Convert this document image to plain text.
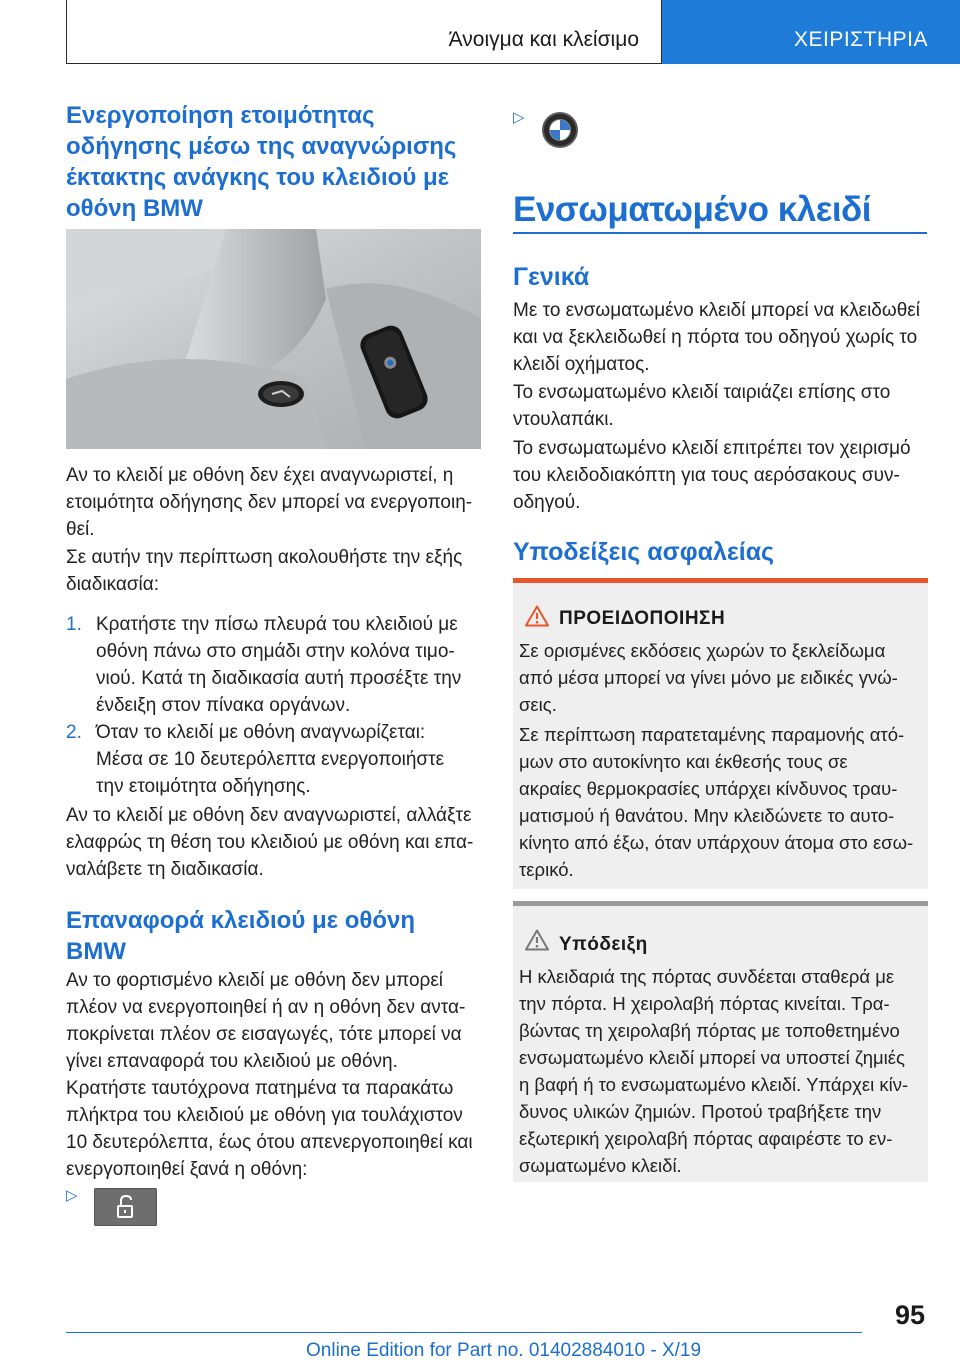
Άνοιγμα και κλείσιμο	ΧΕΙΡΙΣΤΗΡΙΑ
Ενεργοποίηση ετοιμότητας
οδήγησης μέσω της αναγνώρισης
έκτακτης ανάγκης του κλειδιού με
οθόνη BMW

Αν το κλειδί με οθόνη δεν έχει αναγνωριστεί, η
ετοιμότητα οδήγησης δεν μπορεί να ενεργοποιη‐
θεί.

Σε αυτήν την περίπτωση ακολουθήστε την εξής
διαδικασία:

1. Κρατήστε την πίσω πλευρά του κλειδιού με
οθόνη πάνω στο σημάδι στην κολόνα τιμο‐
νιού. Κατά τη διαδικασία αυτή προσέξτε την
ένδειξη στον πίνακα οργάνων.
2. Όταν το κλειδί με οθόνη αναγνωρίζεται:

Μέσα σε 10 δευτερόλεπτα ενεργοποιήστε
την ετοιμότητα οδήγησης.

Αν το κλειδί με οθόνη δεν αναγνωριστεί, αλλάξτε
ελαφρώς τη θέση του κλειδιού με οθόνη και επα‐
ναλάβετε τη διαδικασία.

Επαναφορά κλειδιού με οθόνη
BMW

Αν το φορτισμένο κλειδί με οθόνη δεν μπορεί
πλέον να ενεργοποιηθεί ή αν η οθόνη δεν αντα‐
ποκρίνεται πλέον σε εισαγωγές, τότε μπορεί να
γίνει επαναφορά του κλειδιού με οθόνη.

Κρατήστε ταυτόχρονα πατημένα τα παρακάτω
πλήκτρα του κλειδιού με οθόνη για τουλάχιστον
10 δευτερόλεπτα, έως ότου απενεργοποιηθεί και
ενεργοποιηθεί ξανά η οθόνη:

▷
▷
Ενσωματωμένο κλειδί
Γενικά

Με το ενσωματωμένο κλειδί μπορεί να κλειδωθεί
και να ξεκλειδωθεί η πόρτα του οδηγού χωρίς το
κλειδί οχήματος.

Το ενσωματωμένο κλειδί ταιριάζει επίσης στο
ντουλαπάκι.

Το ενσωματωμένο κλειδί επιτρέπει τον χειρισμό
του κλειδοδιακόπτη για τους αερόσακους συν‐
οδηγού.

Υποδείξεις ασφαλείας
ΠΡΟΕΙΔΟΠΟΙΗΣΗ

Σε ορισμένες εκδόσεις χωρών το ξεκλείδωμα
από μέσα μπορεί να γίνει μόνο με ειδικές γνώ‐
σεις.

Σε περίπτωση παρατεταμένης παραμονής ατό‐
μων στο αυτοκίνητο και έκθεσής τους σε
ακραίες θερμοκρασίες υπάρχει κίνδυνος τραυ‐
ματισμού ή θανάτου. Μην κλειδώνετε το αυτο‐
κίνητο από έξω, όταν υπάρχουν άτομα στο εσω‐
τερικό.

Υπόδειξη

Η κλειδαριά της πόρτας συνδέεται σταθερά με
την πόρτα. Η χειρολαβή πόρτας κινείται. Τρα‐
βώντας τη χειρολαβή πόρτας με τοποθετημένο
ενσωματωμένο κλειδί μπορεί να υποστεί ζημιές
η βαφή ή το ενσωματωμένο κλειδί. Υπάρχει κίν‐
δυνος υλικών ζημιών. Προτού τραβήξετε την
εξωτερική χειρολαβή πόρτας αφαιρέστε το εν‐
σωματωμένο κλειδί.

95
Online Edition for Part no. 01402884010 - X/19
